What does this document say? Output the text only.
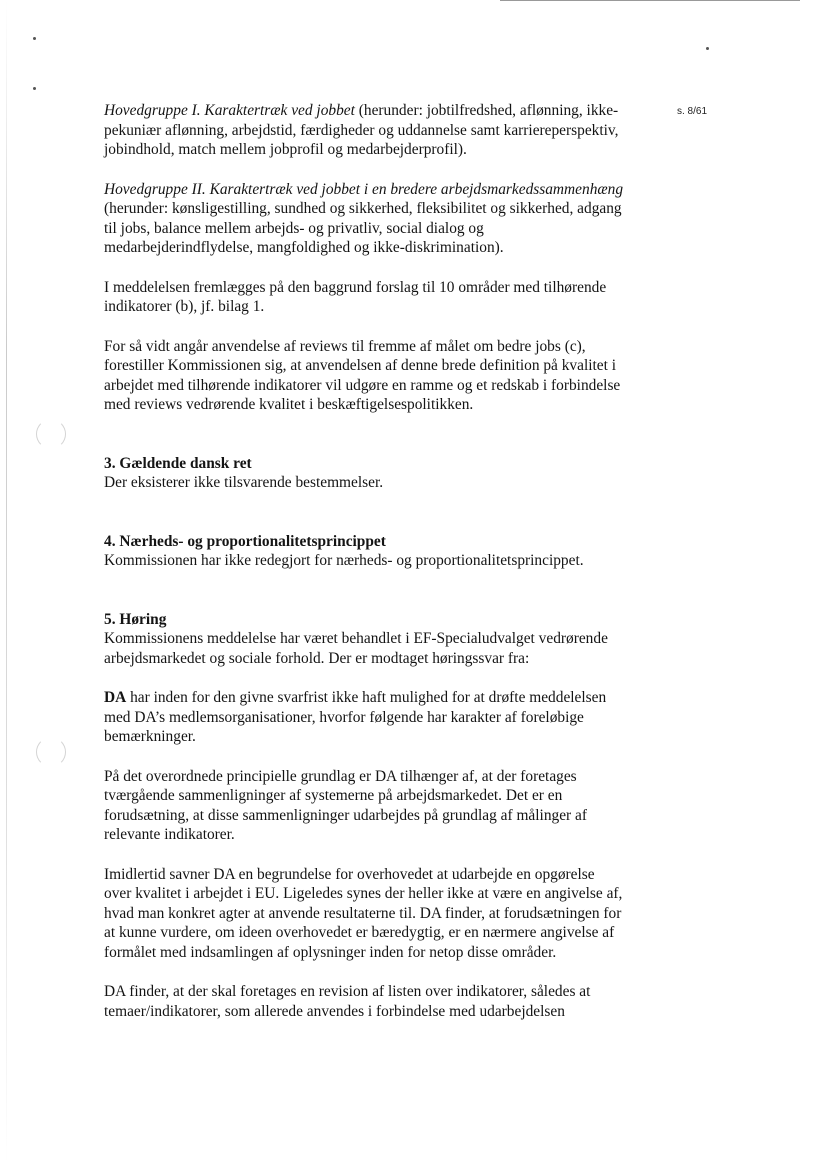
s. 8/61

Hovedgruppe I. Karaktertræk ved jobbet (herunder: jobtilfredshed, aflønning, ikke-pekuniær aflønning, arbejdstid, færdigheder og uddannelse samt karriereperspektiv, jobindhold, match mellem jobprofil og medarbejderprofil).

Hovedgruppe II. Karaktertræk ved jobbet i en bredere arbejdsmarkedssammenhæng (herunder: kønsligestilling, sundhed og sikkerhed, fleksibilitet og sikkerhed, adgang til jobs, balance mellem arbejds- og privatliv, social dialog og medarbejderindflydelse, mangfoldighed og ikke-diskrimination).

I meddelelsen fremlægges på den baggrund forslag til 10 områder med tilhørende indikatorer (b), jf. bilag 1.

For så vidt angår anvendelse af reviews til fremme af målet om bedre jobs (c), forestiller Kommissionen sig, at anvendelsen af denne brede definition på kvalitet i arbejdet med tilhørende indikatorer vil udgøre en ramme og et redskab i forbindelse med reviews vedrørende kvalitet i beskæftigelsespolitikken.

3. Gældende dansk ret

Der eksisterer ikke tilsvarende bestemmelser.

4. Nærheds- og proportionalitetsprincippet

Kommissionen har ikke redegjort for nærheds- og proportionalitetsprincippet.

5. Høring

Kommissionens meddelelse har været behandlet i EF-Specialudvalget vedrørende arbejdsmarkedet og sociale forhold. Der er modtaget høringssvar fra:

DA har inden for den givne svarfrist ikke haft mulighed for at drøfte meddelelsen med DA’s medlemsorganisationer, hvorfor følgende har karakter af foreløbige bemærkninger.

På det overordnede principielle grundlag er DA tilhænger af, at der foretages tværgående sammenligninger af systemerne på arbejdsmarkedet. Det er en forudsætning, at disse sammenligninger udarbejdes på grundlag af målinger af relevante indikatorer.

Imidlertid savner DA en begrundelse for overhovedet at udarbejde en opgørelse over kvalitet i arbejdet i EU. Ligeledes synes der heller ikke at være en angivelse af, hvad man konkret agter at anvende resultaterne til. DA finder, at forudsætningen for at kunne vurdere, om ideen overhovedet er bæredygtig, er en nærmere angivelse af formålet med indsamlingen af oplysninger inden for netop disse områder.

DA finder, at der skal foretages en revision af listen over indikatorer, således at temaer/indikatorer, som allerede anvendes i forbindelse med udarbejdelsen
